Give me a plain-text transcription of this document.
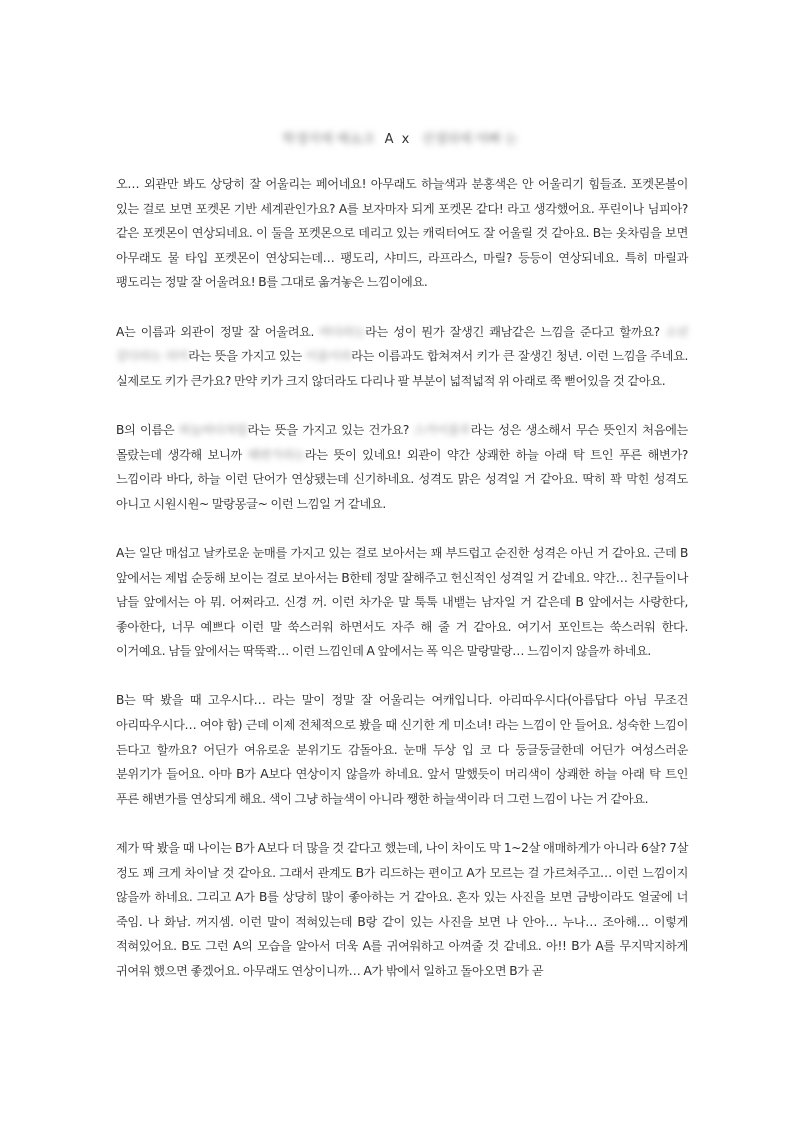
학생지에 배소크 A x 선생의에 야빠 는

오… 외관만 봐도 상당히 잘 어울리는 페어네요! 아무래도 하늘색과 분홍색은 안 어울리기 힘들죠. 포켓몬볼이 있는 걸로 보면 포켓몬 기반 세계관인가요? A를 보자마자 되게 포켓몬 같다! 라고 생각했어요. 푸린이나 님피아? 같은 포켓몬이 연상되네요. 이 둘을 포켓몬으로 데리고 있는 캐릭터여도 잘 어울릴 것 같아요. B는 옷차림을 보면 아무래도 물 타입 포켓몬이 연상되는데… 팽도리, 샤미드, 라프라스, 마릴? 등등이 연상되네요. 특히 마릴과 팽도리는 정말 잘 어울려요! B를 그대로 옮겨놓은 느낌이에요.

A는 이름과 외관이 정말 잘 어울려요. 바다라는라는 성이 뭔가 잘생긴 쾌남같은 느낌을 준다고 할까요? 소년 같다라는 의미라는 뜻을 가지고 있는 이름이라라는 이름과도 합쳐져서 키가 큰 잘생긴 청년. 이런 느낌을 주네요. 실제로도 키가 큰가요? 만약 키가 크지 않더라도 다리나 팔 부분이 넓적넓적 위 아래로 쭉 뻗어있을 것 같아요.

B의 이름은 하늘바다처럼라는 뜻을 가지고 있는 건가요? 스카이블루라는 성은 생소해서 무슨 뜻인지 처음에는 몰랐는데 생각해 보니까 해변가라는라는 뜻이 있네요! 외관이 약간 상쾌한 하늘 아래 탁 트인 푸른 해변가? 느낌이라 바다, 하늘 이런 단어가 연상됐는데 신기하네요. 성격도 맑은 성격일 거 같아요. 딱히 꽉 막힌 성격도 아니고 시원시원~ 말랑몽글~ 이런 느낌일 거 같네요.

A는 일단 매섭고 날카로운 눈매를 가지고 있는 걸로 보아서는 꽤 부드럽고 순진한 성격은 아닌 거 같아요. 근데 B 앞에서는 제법 순둥해 보이는 걸로 보아서는 B한테 정말 잘해주고 헌신적인 성격일 거 같네요. 약간… 친구들이나 남들 앞에서는 아 뭐. 어쩌라고. 신경 꺼. 이런 차가운 말 툭툭 내뱉는 남자일 거 같은데 B 앞에서는 사랑한다, 좋아한다, 너무 예쁘다 이런 말 쑥스러워 하면서도 자주 해 줄 거 같아요. 여기서 포인트는 쑥스러워 한다. 이거예요. 남들 앞에서는 딱뚝콱… 이런 느낌인데 A 앞에서는 폭 익은 말랑말랑… 느낌이지 않을까 하네요.

B는 딱 봤을 때 고우시다… 라는 말이 정말 잘 어울리는 여캐입니다. 아리따우시다(아름답다 아님 무조건 아리따우시다… 여야 함) 근데 이제 전체적으로 봤을 때 신기한 게 미소녀! 라는 느낌이 안 들어요. 성숙한 느낌이 든다고 할까요? 어딘가 여유로운 분위기도 감돌아요. 눈매 두상 입 코 다 둥글둥글한데 어딘가 여성스러운 분위기가 들어요. 아마 B가 A보다 연상이지 않을까 하네요. 앞서 말했듯이 머리색이 상쾌한 하늘 아래 탁 트인 푸른 해변가를 연상되게 해요. 색이 그냥 하늘색이 아니라 쨍한 하늘색이라 더 그런 느낌이 나는 거 같아요.

제가 딱 봤을 때 나이는 B가 A보다 더 많을 것 같다고 했는데, 나이 차이도 막 1~2살 애매하게가 아니라 6살? 7살 정도 꽤 크게 차이날 것 같아요. 그래서 관계도 B가 리드하는 편이고 A가 모르는 걸 가르쳐주고… 이런 느낌이지 않을까 하네요. 그리고 A가 B를 상당히 많이 좋아하는 거 같아요. 혼자 있는 사진을 보면 금방이라도 얼굴에 너 죽임. 나 화남. 꺼지셈. 이런 말이 적혀있는데 B랑 같이 있는 사진을 보면 나 안아… 누나… 조아해… 이렇게 적혀있어요. B도 그런 A의 모습을 알아서 더욱 A를 귀여워하고 아껴줄 것 같네요. 아!! B가 A를 무지막지하게 귀여워 했으면 좋겠어요. 아무래도 연상이니까… A가 밖에서 일하고 돌아오면 B가 곧
